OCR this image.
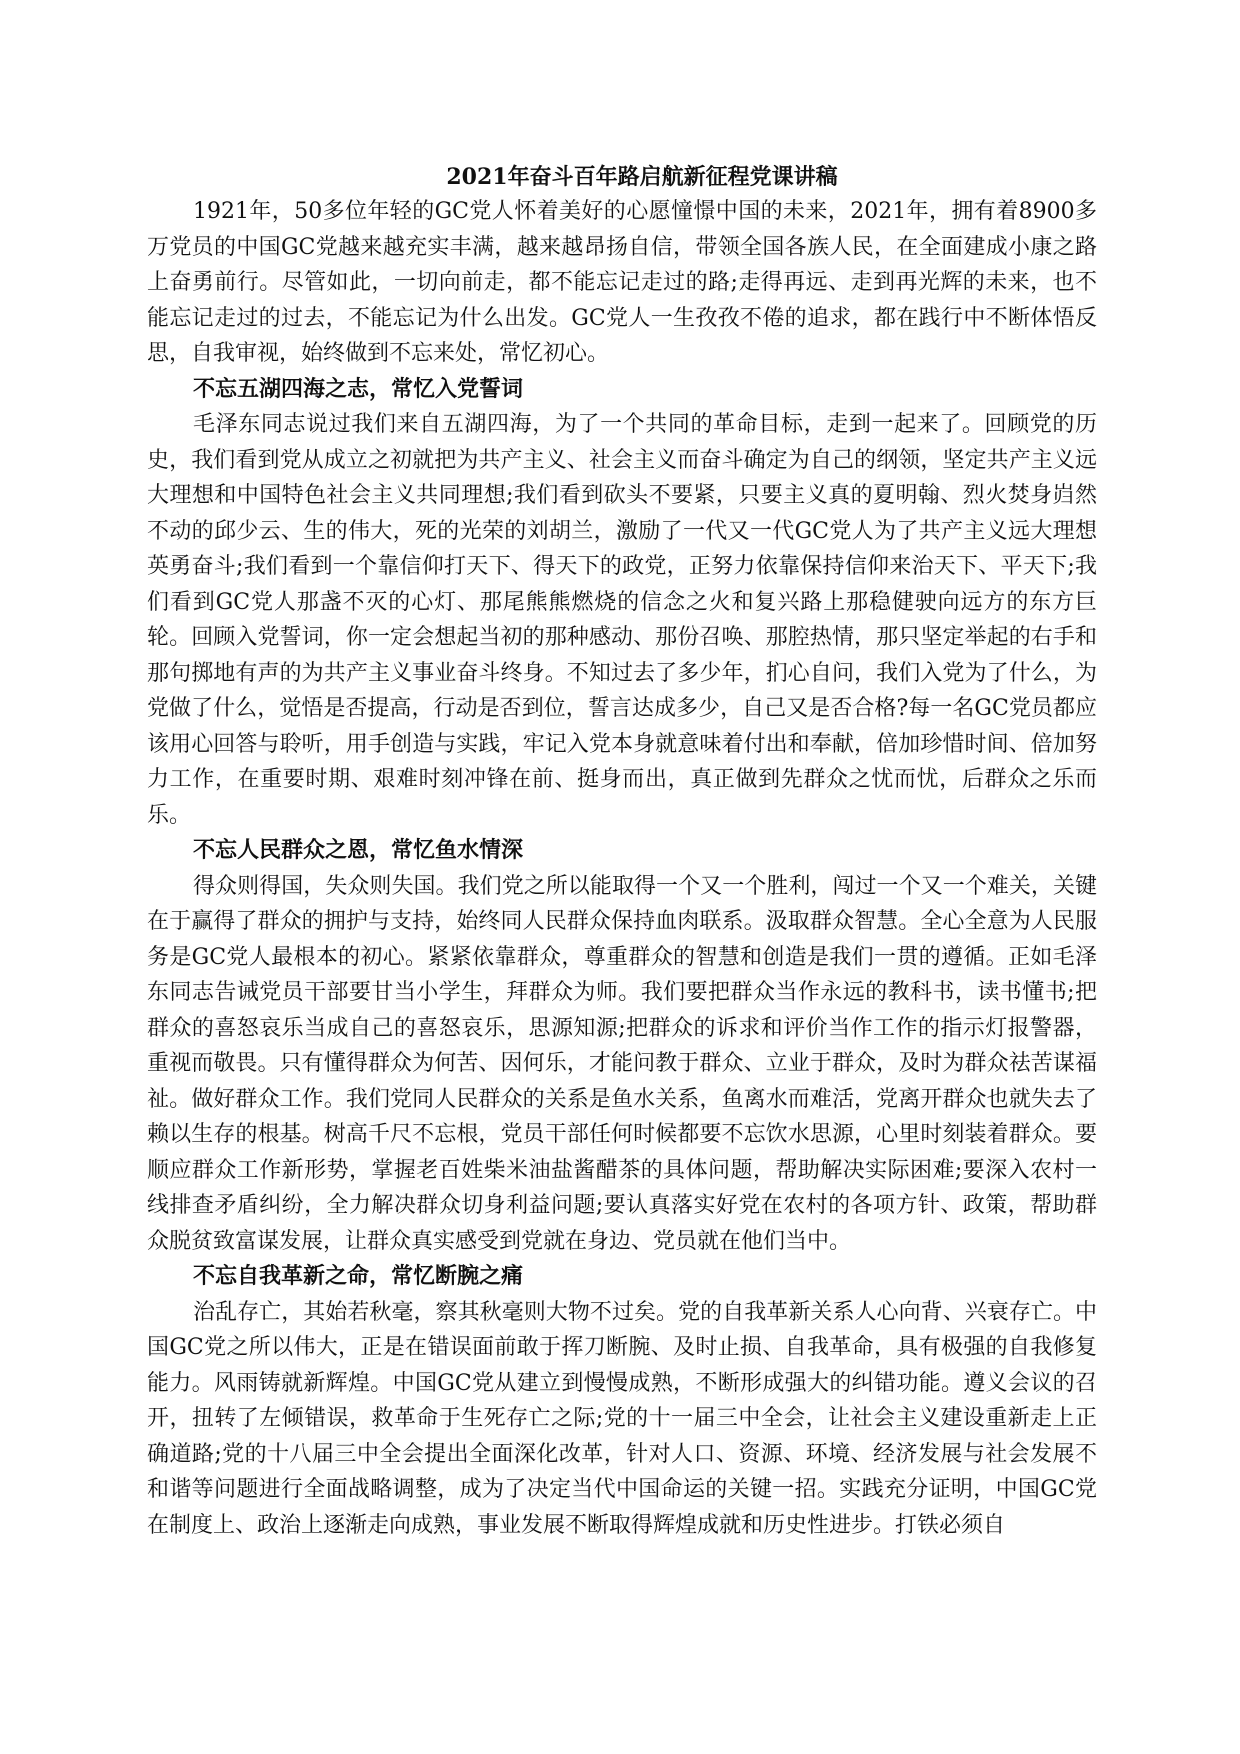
2021年奋斗百年路启航新征程党课讲稿

1921年，50多位年轻的GC党人怀着美好的心愿憧憬中国的未来，2021年，拥有着8900多万党员的中国GC党越来越充实丰满，越来越昂扬自信，带领全国各族人民，在全面建成小康之路上奋勇前行。尽管如此，一切向前走，都不能忘记走过的路;走得再远、走到再光辉的未来，也不能忘记走过的过去，不能忘记为什么出发。GC党人一生孜孜不倦的追求，都在践行中不断体悟反思，自我审视，始终做到不忘来处，常忆初心。

不忘五湖四海之志，常忆入党誓词

毛泽东同志说过我们来自五湖四海，为了一个共同的革命目标，走到一起来了。回顾党的历史，我们看到党从成立之初就把为共产主义、社会主义而奋斗确定为自己的纲领，坚定共产主义远大理想和中国特色社会主义共同理想;我们看到砍头不要紧，只要主义真的夏明翰、烈火焚身岿然不动的邱少云、生的伟大，死的光荣的刘胡兰，激励了一代又一代GC党人为了共产主义远大理想英勇奋斗;我们看到一个靠信仰打天下、得天下的政党，正努力依靠保持信仰来治天下、平天下;我们看到GC党人那盏不灭的心灯、那尾熊熊燃烧的信念之火和复兴路上那稳健驶向远方的东方巨轮。回顾入党誓词，你一定会想起当初的那种感动、那份召唤、那腔热情，那只坚定举起的右手和那句掷地有声的为共产主义事业奋斗终身。不知过去了多少年，扪心自问，我们入党为了什么，为党做了什么，觉悟是否提高，行动是否到位，誓言达成多少，自己又是否合格?每一名GC党员都应该用心回答与聆听，用手创造与实践，牢记入党本身就意味着付出和奉献，倍加珍惜时间、倍加努力工作，在重要时期、艰难时刻冲锋在前、挺身而出，真正做到先群众之忧而忧，后群众之乐而乐。

不忘人民群众之恩，常忆鱼水情深

得众则得国，失众则失国。我们党之所以能取得一个又一个胜利，闯过一个又一个难关，关键在于赢得了群众的拥护与支持，始终同人民群众保持血肉联系。汲取群众智慧。全心全意为人民服务是GC党人最根本的初心。紧紧依靠群众，尊重群众的智慧和创造是我们一贯的遵循。正如毛泽东同志告诫党员干部要甘当小学生，拜群众为师。我们要把群众当作永远的教科书，读书懂书;把群众的喜怒哀乐当成自己的喜怒哀乐，思源知源;把群众的诉求和评价当作工作的指示灯报警器，重视而敬畏。只有懂得群众为何苦、因何乐，才能问教于群众、立业于群众，及时为群众祛苦谋福祉。做好群众工作。我们党同人民群众的关系是鱼水关系，鱼离水而难活，党离开群众也就失去了赖以生存的根基。树高千尺不忘根，党员干部任何时候都要不忘饮水思源，心里时刻装着群众。要顺应群众工作新形势，掌握老百姓柴米油盐酱醋茶的具体问题，帮助解决实际困难;要深入农村一线排查矛盾纠纷，全力解决群众切身利益问题;要认真落实好党在农村的各项方针、政策，帮助群众脱贫致富谋发展，让群众真实感受到党就在身边、党员就在他们当中。

不忘自我革新之命，常忆断腕之痛

治乱存亡，其始若秋毫，察其秋毫则大物不过矣。党的自我革新关系人心向背、兴衰存亡。中国GC党之所以伟大，正是在错误面前敢于挥刀断腕、及时止损、自我革命，具有极强的自我修复能力。风雨铸就新辉煌。中国GC党从建立到慢慢成熟，不断形成强大的纠错功能。遵义会议的召开，扭转了左倾错误，救革命于生死存亡之际;党的十一届三中全会，让社会主义建设重新走上正确道路;党的十八届三中全会提出全面深化改革，针对人口、资源、环境、经济发展与社会发展不和谐等问题进行全面战略调整，成为了决定当代中国命运的关键一招。实践充分证明，中国GC党在制度上、政治上逐渐走向成熟，事业发展不断取得辉煌成就和历史性进步。打铁必须自
